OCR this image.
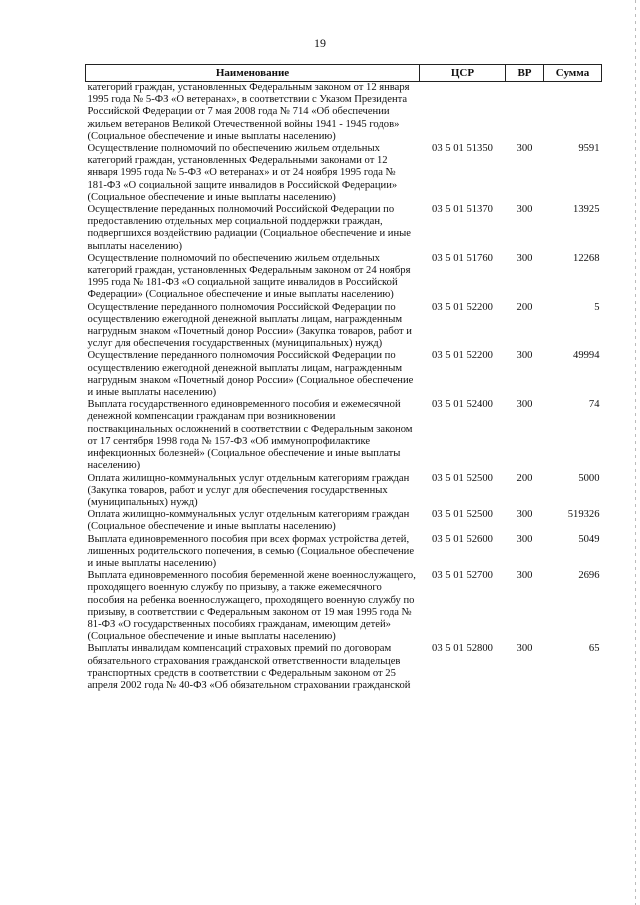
19
Наименование	ЦСР	ВР	Сумма
категорий граждан, установленных Федеральным законом от 12 января 1995 года № 5-ФЗ «О ветеранах», в соответствии с Указом Президента Российской Федерации от 7 мая 2008 года № 714 «Об обеспечении жильем ветеранов Великой Отечественной войны 1941 - 1945 годов» (Социальное обеспечение и иные выплаты населению)			
Осуществление полномочий по обеспечению жильем отдельных категорий граждан, установленных Федеральными законами от 12 января 1995 года № 5-ФЗ «О ветеранах» и от 24 ноября 1995 года № 181-ФЗ «О социальной защите инвалидов в Российской Федерации» (Социальное обеспечение и иные выплаты населению)	03 5 01 51350	300	9591
Осуществление переданных полномочий Российской Федерации по предоставлению отдельных мер социальной поддержки граждан, подвергшихся воздействию радиации (Социальное обеспечение и иные выплаты населению)	03 5 01 51370	300	13925
Осуществление полномочий по обеспечению жильем отдельных категорий граждан, установленных Федеральным законом от 24 ноября 1995 года № 181-ФЗ «О социальной защите инвалидов в Российской Федерации» (Социальное обеспечение и иные выплаты населению)	03 5 01 51760	300	12268
Осуществление переданного полномочия Российской Федерации по осуществлению ежегодной денежной выплаты лицам, награжденным нагрудным знаком «Почетный донор России» (Закупка товаров, работ и услуг для обеспечения государственных (муниципальных) нужд)	03 5 01 52200	200	5
Осуществление переданного полномочия Российской Федерации по осуществлению ежегодной денежной выплаты лицам, награжденным нагрудным знаком «Почетный донор России» (Социальное обеспечение и иные выплаты населению)	03 5 01 52200	300	49994
Выплата государственного единовременного пособия и ежемесячной денежной компенсации гражданам при возникновении поствакцинальных осложнений в соответствии с Федеральным законом от 17 сентября 1998 года № 157-ФЗ «Об иммунопрофилактике инфекционных болезней» (Социальное обеспечение и иные выплаты населению)	03 5 01 52400	300	74
Оплата жилищно-коммунальных услуг отдельным категориям граждан (Закупка товаров, работ и услуг для обеспечения государственных (муниципальных) нужд)	03 5 01 52500	200	5000
Оплата жилищно-коммунальных услуг отдельным категориям граждан (Социальное обеспечение и иные выплаты населению)	03 5 01 52500	300	519326
Выплата единовременного пособия при всех формах устройства детей, лишенных родительского попечения, в семью (Социальное обеспечение и иные выплаты населению)	03 5 01 52600	300	5049
Выплата единовременного пособия беременной жене военнослужащего, проходящего военную службу по призыву, а также ежемесячного пособия на ребенка военнослужащего, проходящего военную службу по призыву, в соответствии с Федеральным законом от 19 мая 1995 года № 81-ФЗ «О государственных пособиях гражданам, имеющим детей» (Социальное обеспечение и иные выплаты населению)	03 5 01 52700	300	2696
Выплаты инвалидам компенсаций страховых премий по договорам обязательного страхования гражданской ответственности владельцев транспортных средств в соответствии с Федеральным законом от 25 апреля 2002 года № 40-ФЗ «Об обязательном страховании гражданской	03 5 01 52800	300	65
